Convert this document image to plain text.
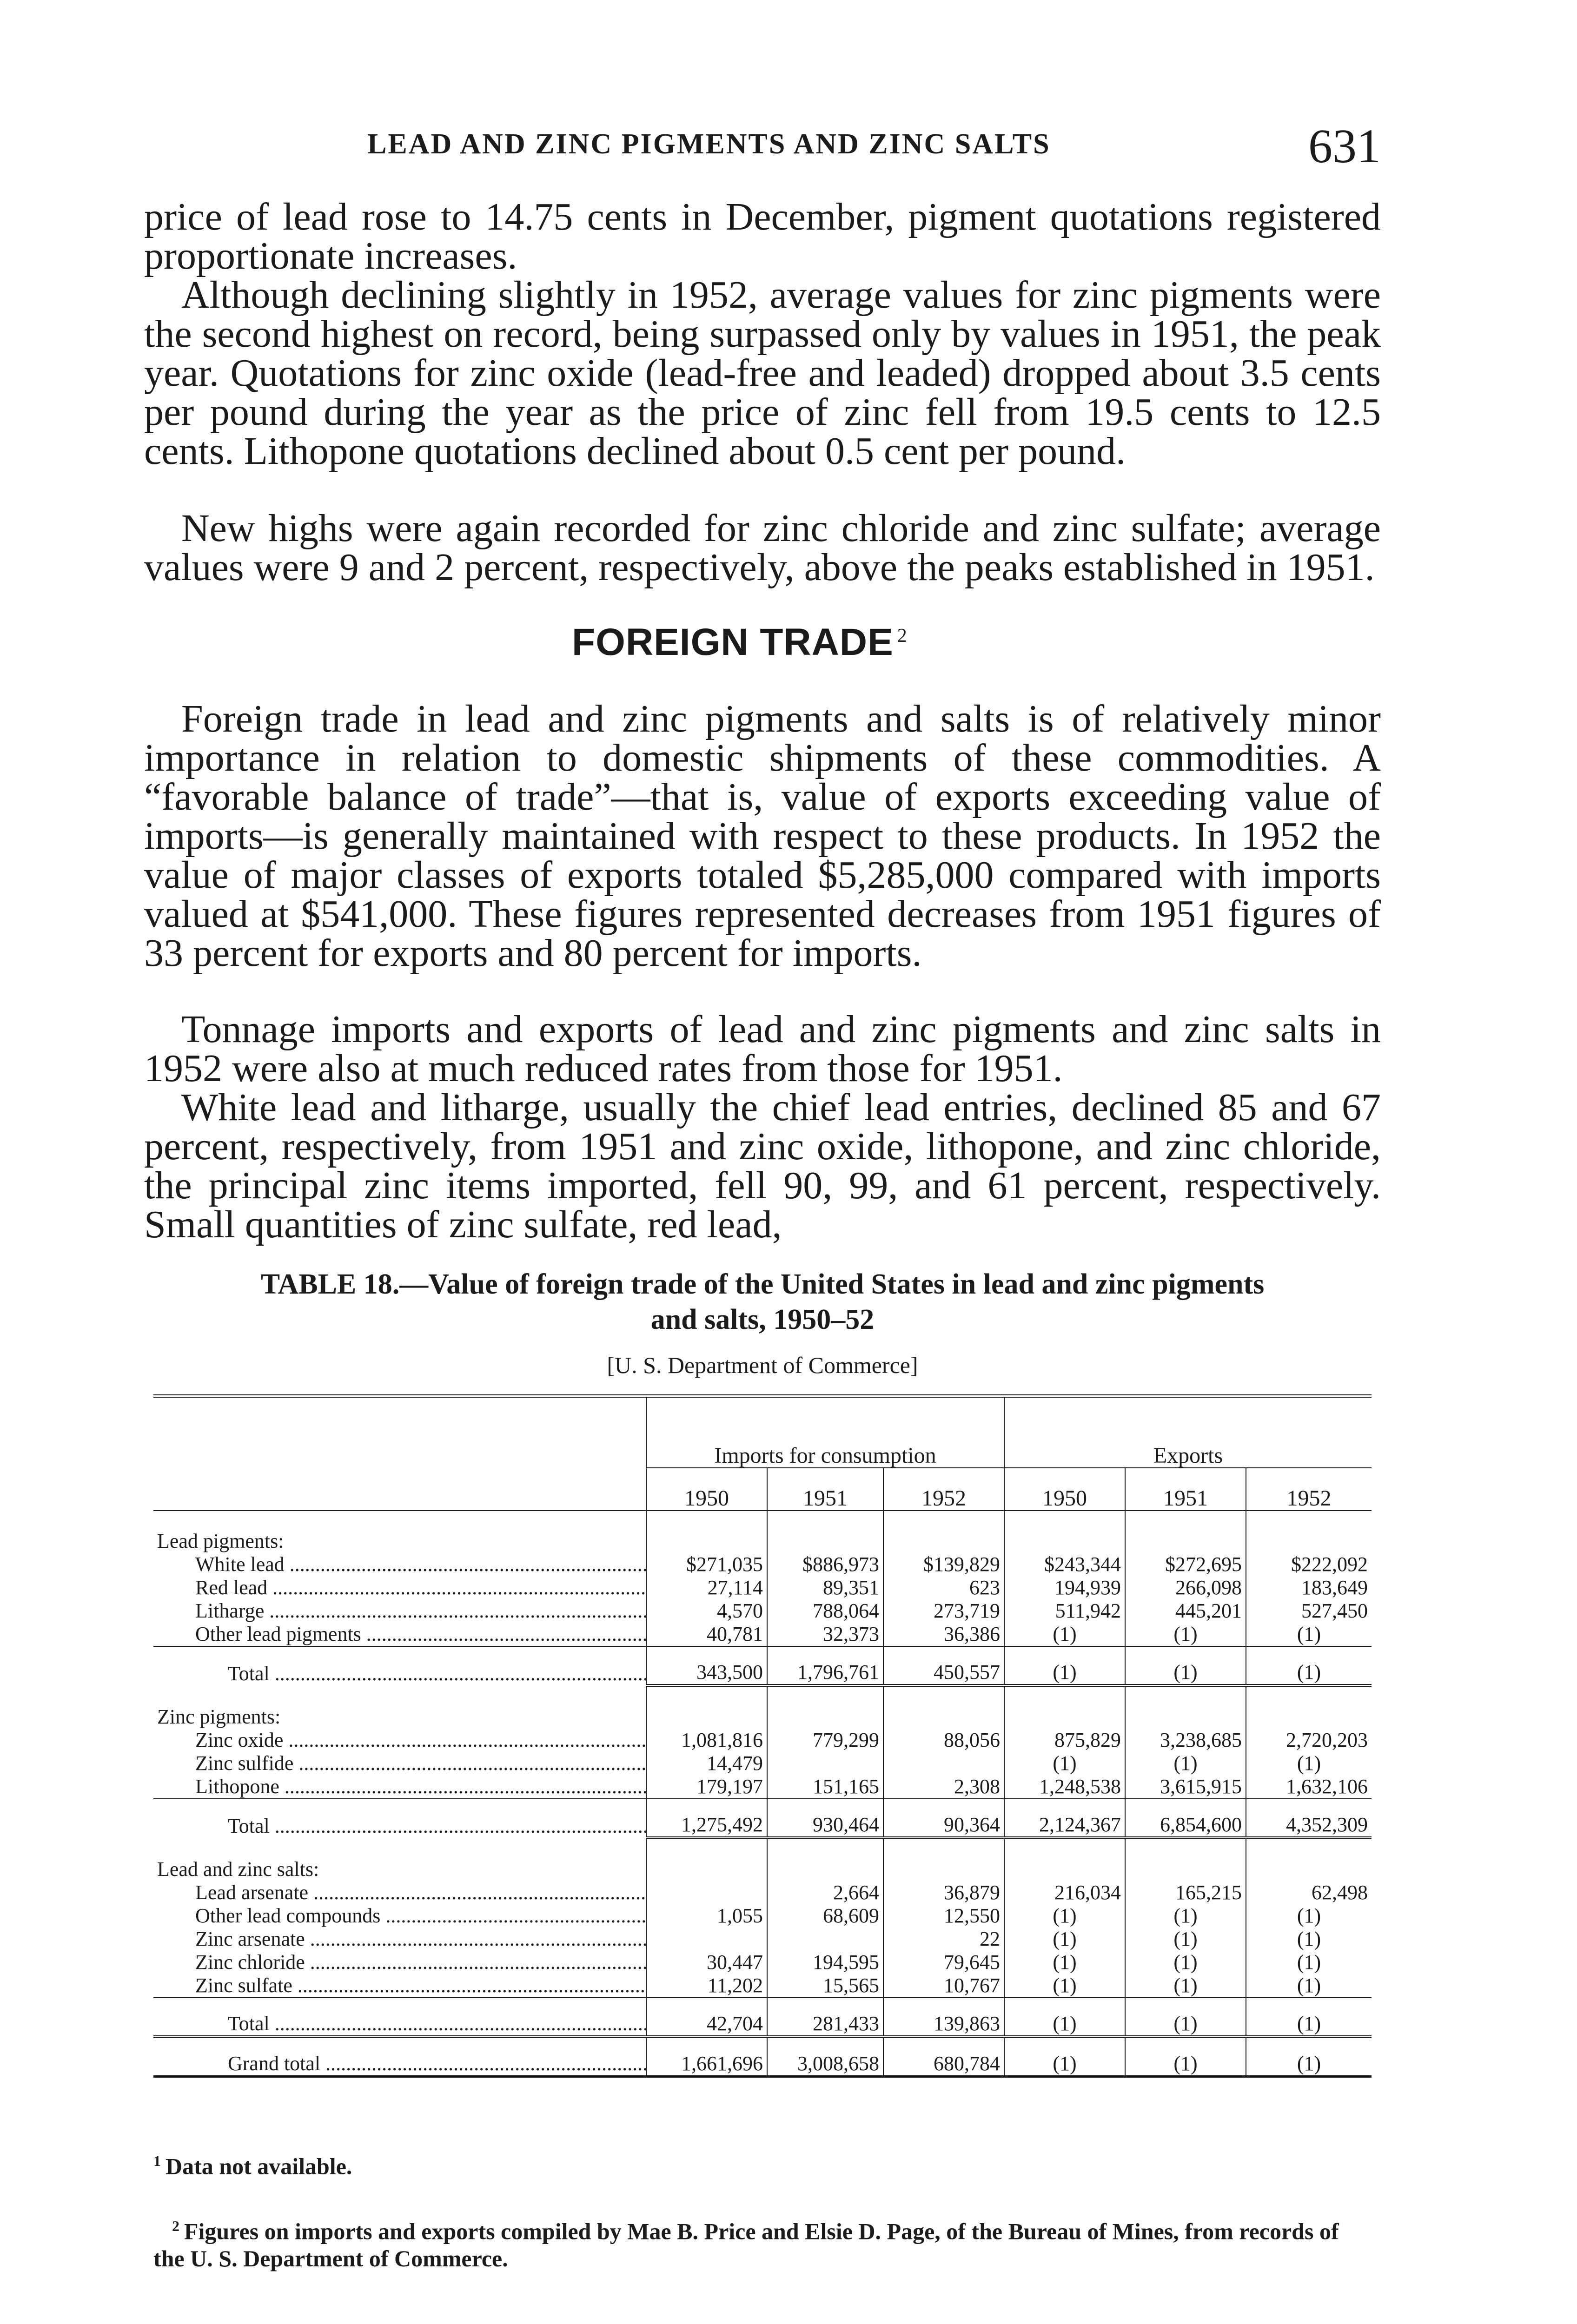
LEAD AND ZINC PIGMENTS AND ZINC SALTS	631

price of lead rose to 14.75 cents in December, pigment quotations registered proportionate increases.

Although declining slightly in 1952, average values for zinc pigments were the second highest on record, being surpassed only by values in 1951, the peak year. Quotations for zinc oxide (lead-free and leaded) dropped about 3.5 cents per pound during the year as the price of zinc fell from 19.5 cents to 12.5 cents. Lithopone quotations declined about 0.5 cent per pound.

New highs were again recorded for zinc chloride and zinc sulfate; average values were 9 and 2 percent, respectively, above the peaks established in 1951.

FOREIGN TRADE $^2$

Foreign trade in lead and zinc pigments and salts is of relatively minor importance in relation to domestic shipments of these commodities. A “favorable balance of trade”—that is, value of exports exceeding value of imports—is generally maintained with respect to these products. In 1952 the value of major classes of exports totaled $5,285,000 compared with imports valued at $541,000. These figures represented decreases from 1951 figures of 33 percent for exports and 80 percent for imports.

Tonnage imports and exports of lead and zinc pigments and zinc salts in 1952 were also at much reduced rates from those for 1951.

White lead and litharge, usually the chief lead entries, declined 85 and 67 percent, respectively, from 1951 and zinc oxide, lithopone, and zinc chloride, the principal zinc items imported, fell 90, 99, and 61 percent, respectively. Small quantities of zinc sulfate, red lead,

TABLE 18.—Value of foreign trade of the United States in lead and zinc pigments
and salts, 1950–52
[U. S. Department of Commerce]
	Imports for consumption			Exports		
	1950	1951	1952	1950	1951	1952

Lead pigments:						
White lead .....	$271,035	$886,973	$139,829	$243,344	$272,695	$222,092
Red lead .....	27,114	89,351	623	194,939	266,098	183,649
Litharge .....	4,570	788,064	273,719	511,942	445,201	527,450
Other lead pigments .....	40,781	32,373	36,386	(1)	(1)	(1)
Total .....	343,500	1,796,761	450,557	(1)	(1)	(1)

Zinc pigments:						
Zinc oxide .....	1,081,816	779,299	88,056	875,829	3,238,685	2,720,203
Zinc sulfide .....	14,479			(1)	(1)	(1)
Lithopone .....	179,197	151,165	2,308	1,248,538	3,615,915	1,632,106
Total .....	1,275,492	930,464	90,364	2,124,367	6,854,600	4,352,309

Lead and zinc salts:						
Lead arsenate .....		2,664	36,879	216,034	165,215	62,498
Other lead compounds .....	1,055	68,609	12,550	(1)	(1)	(1)
Zinc arsenate .....			22	(1)	(1)	(1)
Zinc chloride .....	30,447	194,595	79,645	(1)	(1)	(1)
Zinc sulfate .....	11,202	15,565	10,767	(1)	(1)	(1)
Total .....	42,704	281,433	139,863	(1)	(1)	(1)
Grand total .....	1,661,696	3,008,658	680,784	(1)	(1)	(1)
$^1$ Data not available.
$^2$ Figures on imports and exports compiled by Mae B. Price and Elsie D. Page, of the Bureau of Mines, from records of the U. S. Department of Commerce.
